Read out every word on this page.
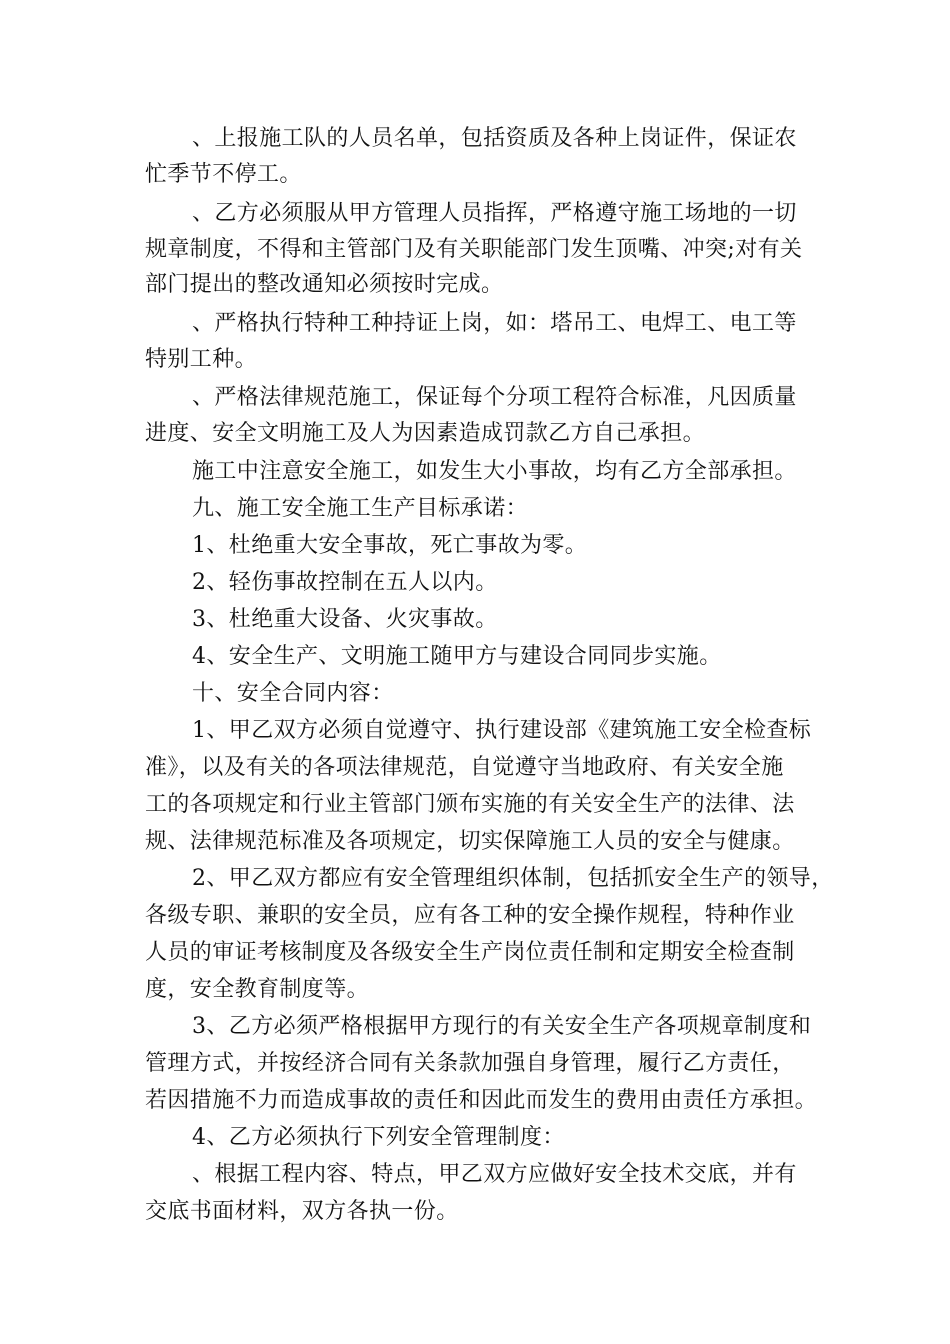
、上报施工队的人员名单，包括资质及各种上岗证件，保证农
忙季节不停工。
、乙方必须服从甲方管理人员指挥，严格遵守施工场地的一切
规章制度，不得和主管部门及有关职能部门发生顶嘴、冲突;对有关
部门提出的整改通知必须按时完成。
、严格执行特种工种持证上岗，如：塔吊工、电焊工、电工等
特别工种。
、严格法律规范施工，保证每个分项工程符合标准，凡因质量
进度、安全文明施工及人为因素造成罚款乙方自己承担。
施工中注意安全施工，如发生大小事故，均有乙方全部承担。
九、施工安全施工生产目标承诺：
1、杜绝重大安全事故，死亡事故为零。
2、轻伤事故控制在五人以内。
3、杜绝重大设备、火灾事故。
4、安全生产、文明施工随甲方与建设合同同步实施。
十、安全合同内容：
1、甲乙双方必须自觉遵守、执行建设部《建筑施工安全检查标
准》，以及有关的各项法律规范，自觉遵守当地政府、有关安全施
工的各项规定和行业主管部门颁布实施的有关安全生产的法律、法
规、法律规范标准及各项规定，切实保障施工人员的安全与健康。
2、甲乙双方都应有安全管理组织体制，包括抓安全生产的领导，
各级专职、兼职的安全员，应有各工种的安全操作规程，特种作业
人员的审证考核制度及各级安全生产岗位责任制和定期安全检查制
度，安全教育制度等。
3、乙方必须严格根据甲方现行的有关安全生产各项规章制度和
管理方式，并按经济合同有关条款加强自身管理，履行乙方责任，
若因措施不力而造成事故的责任和因此而发生的费用由责任方承担。
4、乙方必须执行下列安全管理制度：
、根据工程内容、特点，甲乙双方应做好安全技术交底，并有
交底书面材料，双方各执一份。
